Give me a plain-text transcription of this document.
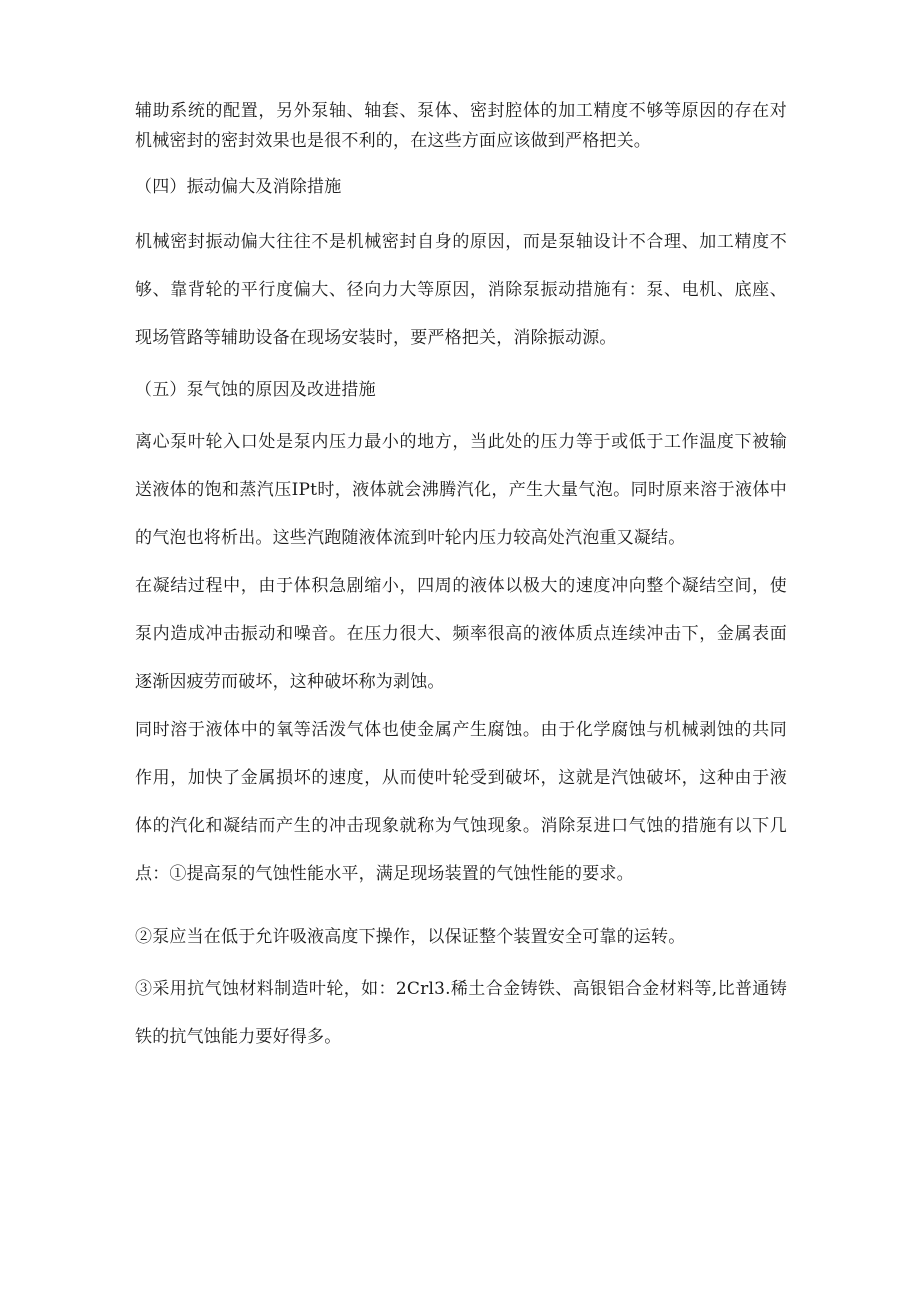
辅助系统的配置，另外泵轴、轴套、泵体、密封腔体的加工精度不够等原因的存在对机械密封的密封效果也是很不利的，在这些方面应该做到严格把关。

（四）振动偏大及消除措施

机械密封振动偏大往往不是机械密封自身的原因，而是泵轴设计不合理、加工精度不够、靠背轮的平行度偏大、径向力大等原因，消除泵振动措施有：泵、电机、底座、现场管路等辅助设备在现场安装时，要严格把关，消除振动源。

（五）泵气蚀的原因及改进措施

离心泵叶轮入口处是泵内压力最小的地方，当此处的压力等于或低于工作温度下被输送液体的饱和蒸汽压IPt时，液体就会沸腾汽化，产生大量气泡。同时原来溶于液体中的气泡也将析出。这些汽跑随液体流到叶轮内压力较高处汽泡重又凝结。

在凝结过程中，由于体积急剧缩小，四周的液体以极大的速度冲向整个凝结空间，使泵内造成冲击振动和噪音。在压力很大、频率很高的液体质点连续冲击下，金属表面逐渐因疲劳而破坏，这种破坏称为剥蚀。

同时溶于液体中的氧等活泼气体也使金属产生腐蚀。由于化学腐蚀与机械剥蚀的共同作用，加快了金属损坏的速度，从而使叶轮受到破坏，这就是汽蚀破坏，这种由于液体的汽化和凝结而产生的冲击现象就称为气蚀现象。消除泵进口气蚀的措施有以下几点：①提高泵的气蚀性能水平，满足现场装置的气蚀性能的要求。

②泵应当在低于允许吸液高度下操作，以保证整个装置安全可靠的运转。

③采用抗气蚀材料制造叶轮，如：2Crl3.稀土合金铸铁、高银铝合金材料等,比普通铸铁的抗气蚀能力要好得多。
